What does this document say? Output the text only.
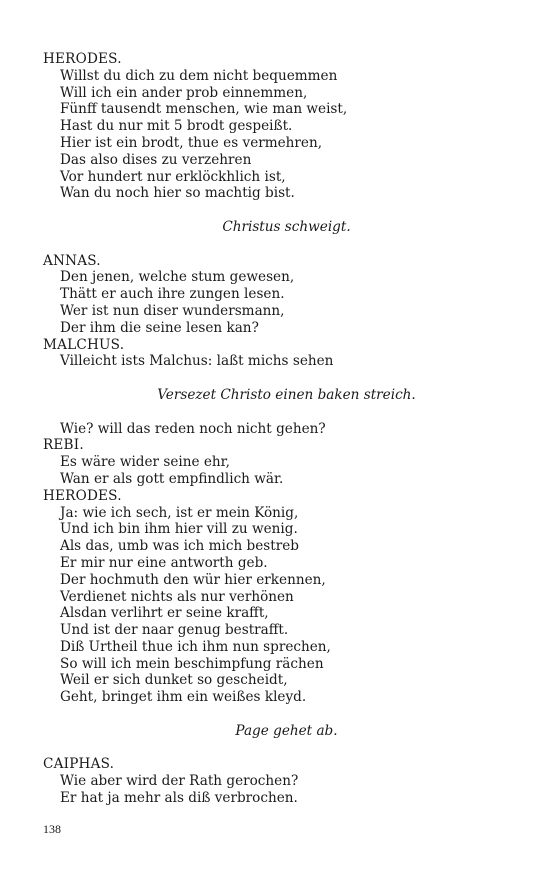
HERODES.
Willst du dich zu dem nicht bequemmen
Will ich ein ander prob einnemmen,
Fünff tausendt menschen, wie man weist,
Hast du nur mit 5 brodt gespeißt.
Hier ist ein brodt, thue es vermehren,
Das also dises zu verzehren
Vor hundert nur erklöckhlich ist,
Wan du noch hier so machtig bist.
Christus schweigt.
ANNAS.
Den jenen, welche stum gewesen,
Thätt er auch ihre zungen lesen.
Wer ist nun diser wundersmann,
Der ihm die seine lesen kan?
MALCHUS.
Villeicht ists Malchus: laßt michs sehen
Versezet Christo einen baken streich.
Wie? will das reden noch nicht gehen?
REBI.
Es wäre wider seine ehr,
Wan er als gott empfindlich wär.
HERODES.
Ja: wie ich sech, ist er mein König,
Und ich bin ihm hier vill zu wenig.
Als das, umb was ich mich bestreb
Er mir nur eine antworth geb.
Der hochmuth den wür hier erkennen,
Verdienet nichts als nur verhönen
Alsdan verlihrt er seine krafft,
Und ist der naar genug bestrafft.
Diß Urtheil thue ich ihm nun sprechen,
So will ich mein beschimpfung rächen
Weil er sich dunket so gescheidt,
Geht, bringet ihm ein weißes kleyd.
Page gehet ab.
CAIPHAS.
Wie aber wird der Rath gerochen?
Er hat ja mehr als diß verbrochen.
138
